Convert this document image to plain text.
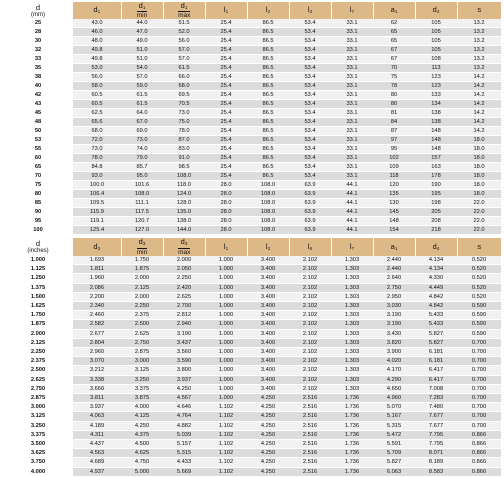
d
(mm)	$d_1$	$d_1$	$d_1$	$l_1$	$l_2$	$l_3$	$l_7$	$a_1$	$d_4$	s
		min	max							
25	43.0	44.0	51.5	25.4	86.5	53.4	33.1	62	105	13.2
28	46.0	47.0	52.0	25.4	86.5	53.4	33.1	65	105	13.2
30	48.0	49.0	56.0	25.4	86.5	53.4	33.1	65	105	13.2
32	49.8	51.0	57.0	25.4	86.5	53.4	33.1	67	105	13.2
33	49.8	51.0	57.0	25.4	86.5	53.4	33.1	67	108	13.2
35	53.0	54.0	61.5	25.4	86.5	53.4	33.1	70	113	13.2
38	56.0	57.0	66.0	25.4	86.5	53.4	33.1	75	123	14.2
40	58.0	59.0	68.0	25.4	86.5	53.4	33.1	78	123	14.2
42	60.5	61.5	69.5	25.4	86.5	53.4	33.1	80	133	14.2
43	60.5	61.5	70.5	25.4	86.5	53.4	33.1	80	134	14.2
45	62.5	64.0	73.0	25.4	86.5	53.4	33.1	81	138	14.2
48	65.6	67.0	75.0	25.4	86.5	53.4	33.1	84	138	14.2
50	68.0	69.0	78.0	25.4	86.5	53.4	33.1	87	148	14.2
53	72.0	73.0	87.0	25.4	86.5	53.4	33.1	97	148	18.0
55	73.0	74.0	83.0	25.4	86.5	53.4	33.1	95	148	18.0
60	78.0	79.0	91.0	25.4	86.5	53.4	33.1	102	157	18.0
65	84.8	85.7	98.5	25.4	86.5	53.4	33.1	109	163	18.0
70	93.0	95.0	108.0	25.4	86.5	53.4	33.1	118	178	18.0
75	100.0	101.6	118.0	28.0	108.0	63.9	44.1	120	190	18.0
80	106.4	108.0	124.0	28.0	108.0	63.9	44.1	135	195	18.0
85	109.5	111.1	128.0	28.0	108.0	63.9	44.1	130	198	22.0
90	115.9	117.5	135.0	28.0	108.0	63.9	44.1	145	205	22.0
95	119.1	120.7	138.0	28.0	108.0	63.9	44.1	148	208	22.0
100	125.4	127.0	144.0	28.0	108.0	63.9	44.1	154	218	22.0
d
(inches)	$d_3$	$d_3$	$d_3$	$l_1$	$l_2$	$l_6$	$l_7$	$a_1$	$d_4$	s
		min	max							
1.000	1.693	1.750	2.000	1.000	3.400	2.102	1.303	2.440	4.134	0.520
1.125	1.811	1.875	2.050	1.000	3.400	2.102	1.303	2.440	4.134	0.520
1.250	1.960	2.000	2.250	1.000	3.400	2.102	1.303	2.640	4.330	0.520
1.375	2.086	2.125	2.420	1.000	3.400	2.102	1.303	2.750	4.449	0.520
1.500	2.200	2.000	2.625	1.000	3.400	2.102	1.303	2.950	4.842	0.520
1.625	2.340	2.250	2.700	1.000	3.400	2.102	1.303	3.030	4.842	0.590
1.750	2.460	2.375	2.812	1.000	3.400	2.102	1.303	3.190	5.433	0.590
1.875	2.582	2.500	2.940	1.000	3.400	2.102	1.303	3.190	5.433	0.590
2.000	2.677	2.625	3.190	1.000	3.400	2.102	1.303	3.430	5.827	0.590
2.125	2.804	2.750	3.437	1.000	3.400	2.102	1.303	3.820	5.827	0.700
2.250	2.960	2.875	3.560	1.000	3.400	2.102	1.303	3.900	6.181	0.700
2.375	3.070	3.000	3.590	1.000	3.400	2.102	1.303	4.020	6.181	0.700
2.500	3.212	3.125	3.800	1.000	3.400	2.102	1.303	4.170	6.417	0.700
2.625	3.338	3.250	3.937	1.000	3.400	2.102	1.303	4.290	6.417	0.700
2.750	3.660	3.375	4.250	1.000	3.400	2.102	1.303	4.650	7.008	0.700
2.875	3.811	3.875	4.567	1.000	4.250	2.516	1.736	4.960	7.283	0.700
3.000	3.937	4.000	4.646	1.102	4.250	2.516	1.736	5.070	7.480	0.700
3.125	4.063	4.125	4.764	1.102	4.250	2.516	1.736	5.167	7.677	0.700
3.250	4.189	4.250	4.882	1.102	4.250	2.516	1.736	5.315	7.677	0.700
3.375	4.311	4.375	5.039	1.102	4.250	2.516	1.736	5.472	7.795	0.866
3.500	4.437	4.500	5.157	1.102	4.250	2.516	1.736	5.591	7.795	0.866
3.625	4.563	4.625	5.315	1.102	4.250	2.516	1.736	5.709	8.071	0.866
3.750	4.689	4.750	4.433	1.102	4.250	2.516	1.736	5.827	8.189	0.866
4.000	4.937	5.000	5.669	1.102	4.250	2.516	1.736	6.063	8.583	0.866
